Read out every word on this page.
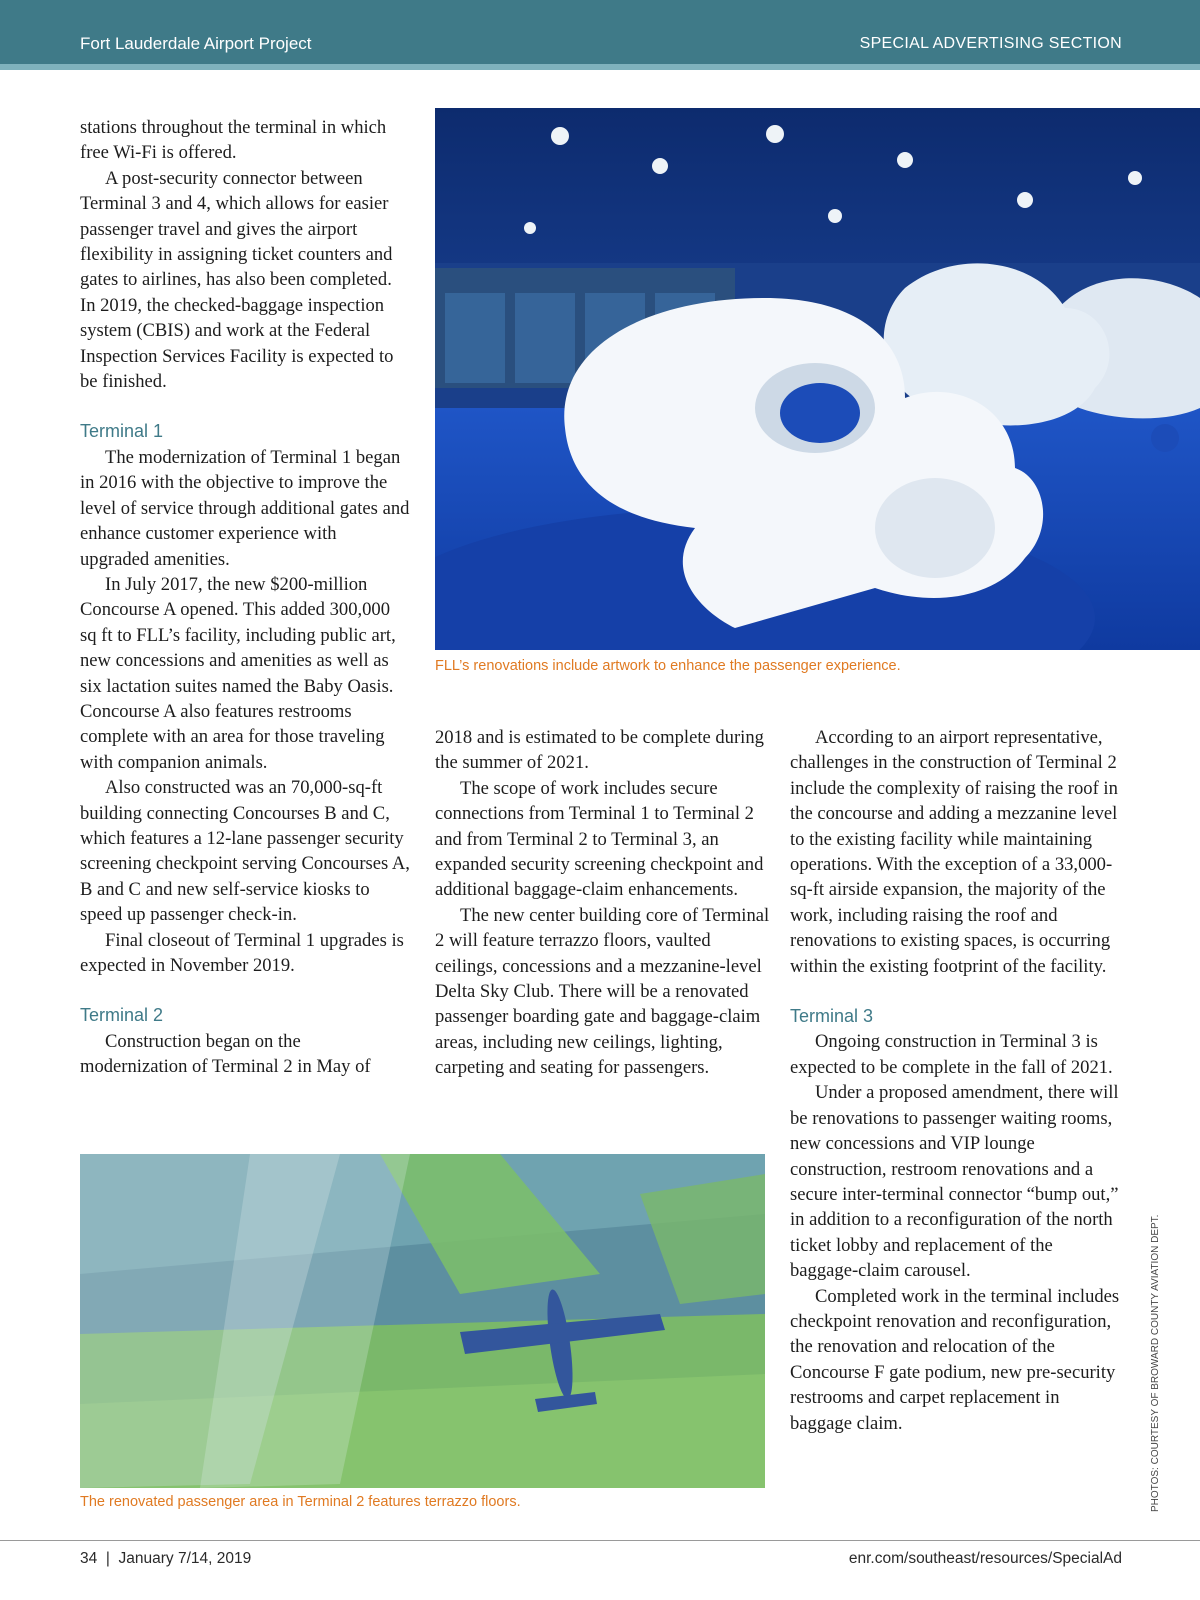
Fort Lauderdale Airport Project	SPECIAL ADVERTISING SECTION
FLL’s renovations include artwork to enhance the passenger experience.

stations throughout the terminal in which free Wi-Fi is offered.

A post-security connector between Terminal 3 and 4, which allows for easier passenger travel and gives the airport flexibility in assigning ticket counters and gates to airlines, has also been completed. In 2019, the checked-baggage inspection system (CBIS) and work at the Federal Inspection Services Facility is expected to be finished.

Terminal 1

The modernization of Terminal 1 began in 2016 with the objective to improve the level of service through additional gates and enhance customer experience with upgraded amenities.

In July 2017, the new $200-million Concourse A opened. This added 300,000 sq ft to FLL’s facility, including public art, new concessions and amenities as well as six lactation suites named the Baby Oasis. Concourse A also features restrooms complete with an area for those traveling with companion animals.

Also constructed was an 70,000-sq-ft building connecting Concourses B and C, which features a 12-lane passenger security screening checkpoint serving Concourses A, B and C and new self-service kiosks to speed up passenger check-in.

Final closeout of Terminal 1 upgrades is expected in November 2019.

Terminal 2

Construction began on the modernization of Terminal 2 in May of

2018 and is estimated to be complete during the summer of 2021.

The scope of work includes secure connections from Terminal 1 to Terminal 2 and from Terminal 2 to Terminal 3, an expanded security screening checkpoint and additional baggage-claim enhancements.

The new center building core of Terminal 2 will feature terrazzo floors, vaulted ceilings, concessions and a mezzanine-level Delta Sky Club. There will be a renovated passenger boarding gate and baggage-claim areas, including new ceilings, lighting, carpeting and seating for passengers.

According to an airport representative, challenges in the construction of Terminal 2 include the complexity of raising the roof in the concourse and adding a mezzanine level to the existing facility while maintaining operations. With the exception of a 33,000-sq-ft airside expansion, the majority of the work, including raising the roof and renovations to existing spaces, is occurring within the existing footprint of the facility.

Terminal 3

Ongoing construction in Terminal 3 is expected to be complete in the fall of 2021.

Under a proposed amendment, there will be renovations to passenger waiting rooms, new concessions and VIP lounge construction, restroom renovations and a secure inter-terminal connector “bump out,” in addition to a reconfiguration of the north ticket lobby and replacement of the baggage-claim carousel.

Completed work in the terminal includes checkpoint renovation and reconfiguration, the renovation and relocation of the Concourse F gate podium, new pre-security restrooms and carpet replacement in baggage claim.

The renovated passenger area in Terminal 2 features terrazzo floors.	PHOTOS: COURTESY OF BROWARD COUNTY AVIATION DEPT.
34  |  January 7/14, 2019	enr.com/southeast/resources/SpecialAd
